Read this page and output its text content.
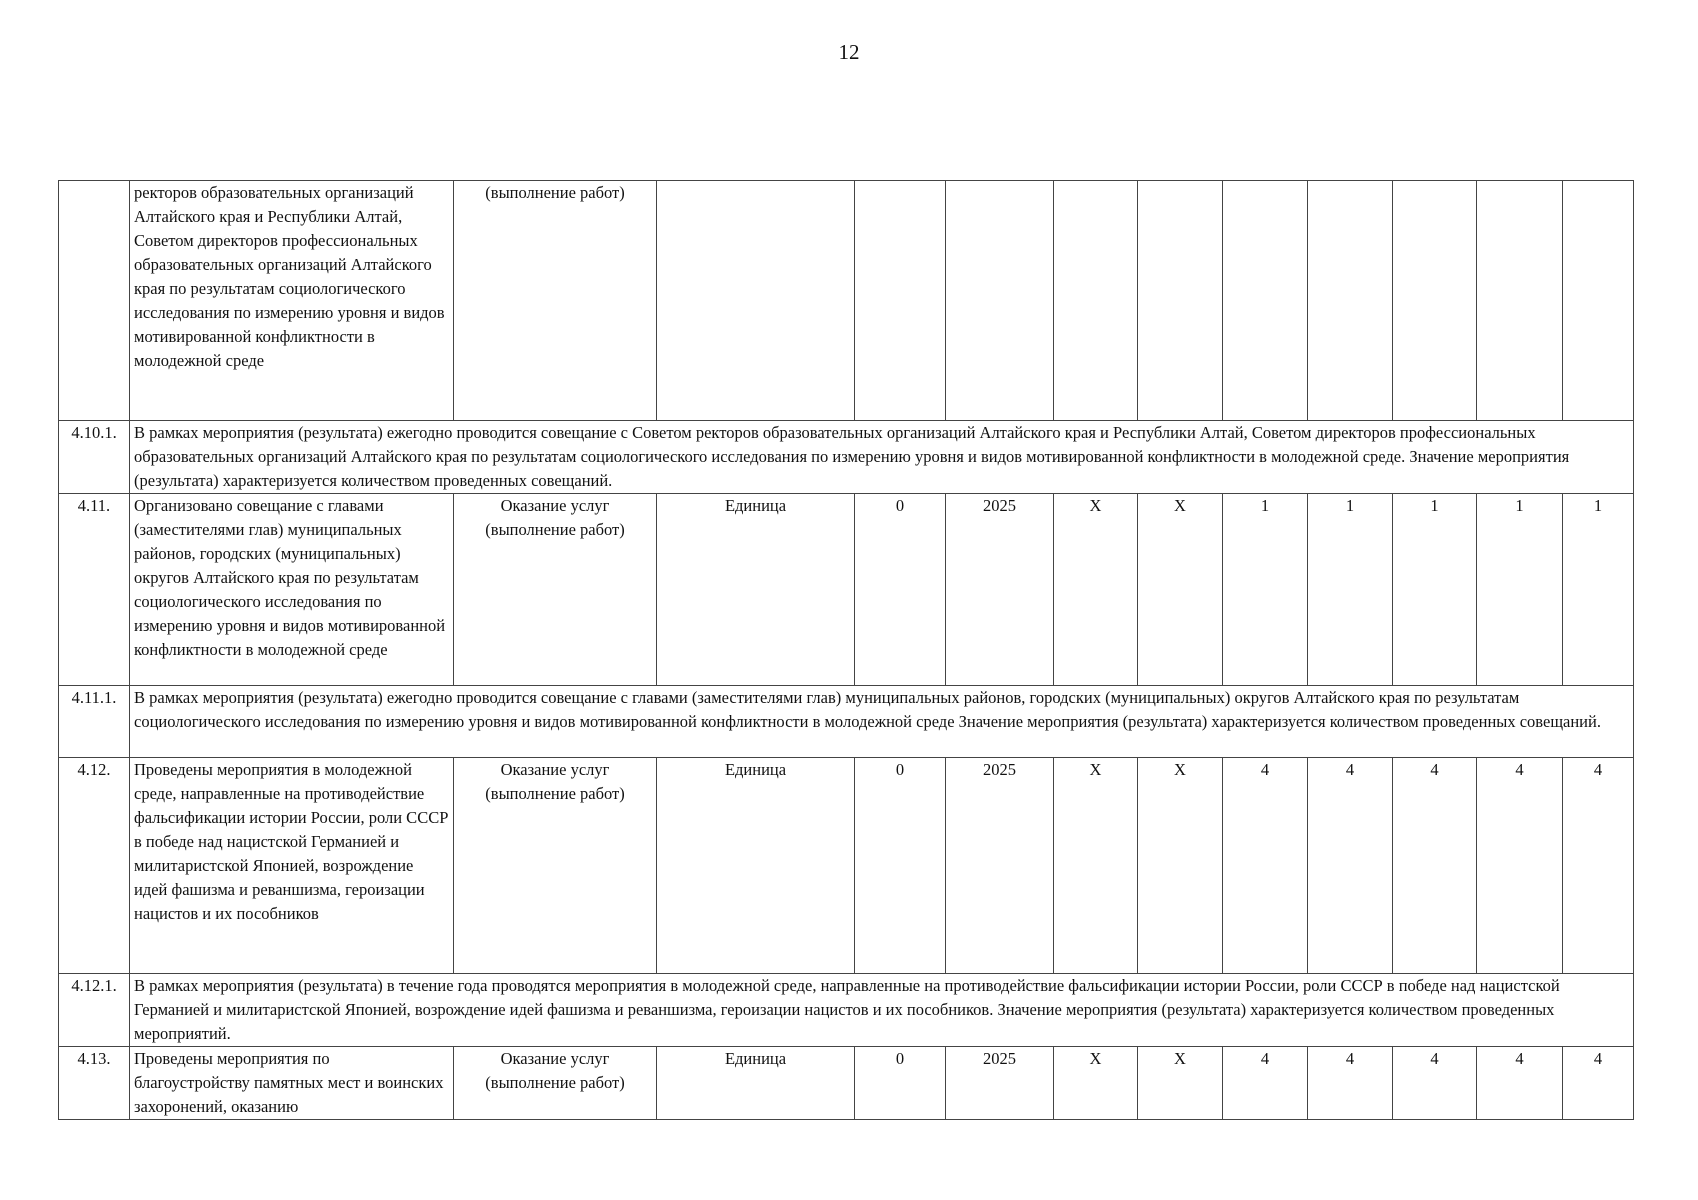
12
	ректоров образовательных организаций Алтайского края и Республики Алтай, Советом директоров профессиональных образовательных организаций Алтайского края по результатам социологического исследования по измерению уровня и видов мотивированной конфликтности в молодежной среде	(выполнение работ)										
4.10.1.	В рамках мероприятия (результата) ежегодно проводится совещание с Советом ректоров образовательных организаций Алтайского края и Республики Алтай, Советом директоров профессиональных образовательных организаций Алтайского края по результатам социологического исследования по измерению уровня и видов мотивированной конфликтности в молодежной среде. Значение мероприятия (результата) характеризуется количеством проведенных совещаний.											
4.11.	Организовано совещание с главами (заместителями глав) муниципальных районов, городских (муниципальных) округов Алтайского края по результатам социологического исследования по измерению уровня и видов мотивированной конфликтности в молодежной среде	Оказание услуг (выполнение работ)	Единица	0	2025	X	X	1	1	1	1	1
4.11.1.	В рамках мероприятия (результата) ежегодно проводится совещание с главами (заместителями глав) муниципальных районов, городских (муниципальных) округов Алтайского края по результатам социологического исследования по измерению уровня и видов мотивированной конфликтности в молодежной среде Значение мероприятия (результата) характеризуется количеством проведенных совещаний.											
4.12.	Проведены мероприятия в молодежной среде, направленные на противодействие фальсификации истории России, роли СССР в победе над нацистской Германией и милитаристской Японией, возрождение идей фашизма и реваншизма, героизации нацистов и их пособников	Оказание услуг (выполнение работ)	Единица	0	2025	X	X	4	4	4	4	4
4.12.1.	В рамках мероприятия (результата) в течение года проводятся мероприятия в молодежной среде, направленные на противодействие фальсификации истории России, роли СССР в победе над нацистской Германией и милитаристской Японией, возрождение идей фашизма и реваншизма, героизации нацистов и их пособников. Значение мероприятия (результата) характеризуется количеством проведенных мероприятий.											
4.13.	Проведены мероприятия по благоустройству памятных мест и воинских захоронений, оказанию	Оказание услуг (выполнение работ)	Единица	0	2025	X	X	4	4	4	4	4
